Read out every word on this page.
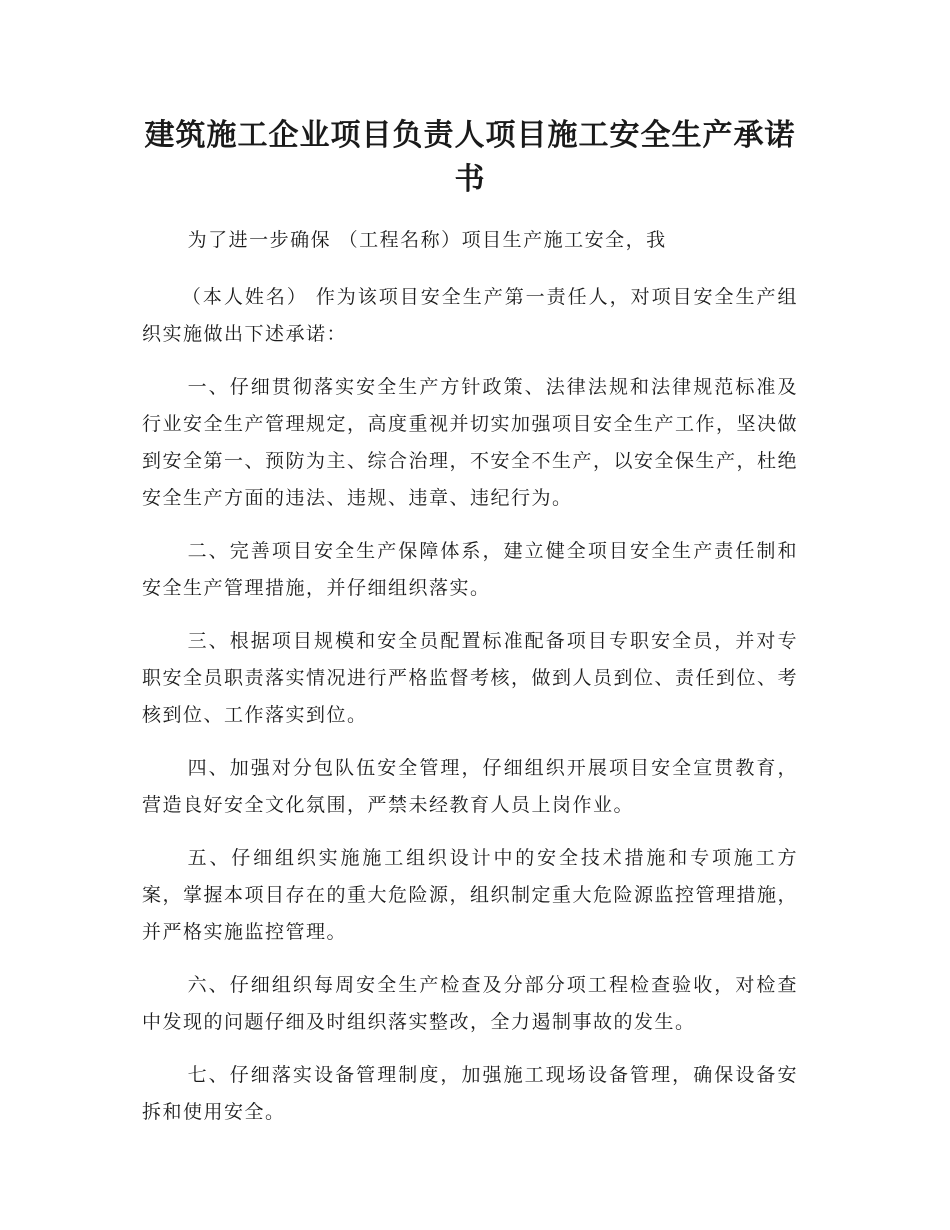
建筑施工企业项目负责人项目施工安全生产承诺书

为了进一步确保 （工程名称）项目生产施工安全，我

（本人姓名） 作为该项目安全生产第一责任人，对项目安全生产组织实施做出下述承诺：

一、仔细贯彻落实安全生产方针政策、法律法规和法律规范标准及行业安全生产管理规定，高度重视并切实加强项目安全生产工作，坚决做到安全第一、预防为主、综合治理，不安全不生产，以安全保生产，杜绝安全生产方面的违法、违规、违章、违纪行为。

二、完善项目安全生产保障体系，建立健全项目安全生产责任制和安全生产管理措施，并仔细组织落实。

三、根据项目规模和安全员配置标准配备项目专职安全员，并对专职安全员职责落实情况进行严格监督考核，做到人员到位、责任到位、考核到位、工作落实到位。

四、加强对分包队伍安全管理，仔细组织开展项目安全宣贯教育，营造良好安全文化氛围，严禁未经教育人员上岗作业。

五、仔细组织实施施工组织设计中的安全技术措施和专项施工方案，掌握本项目存在的重大危险源，组织制定重大危险源监控管理措施，并严格实施监控管理。

六、仔细组织每周安全生产检查及分部分项工程检查验收，对检查中发现的问题仔细及时组织落实整改，全力遏制事故的发生。

七、仔细落实设备管理制度，加强施工现场设备管理，确保设备安拆和使用安全。
